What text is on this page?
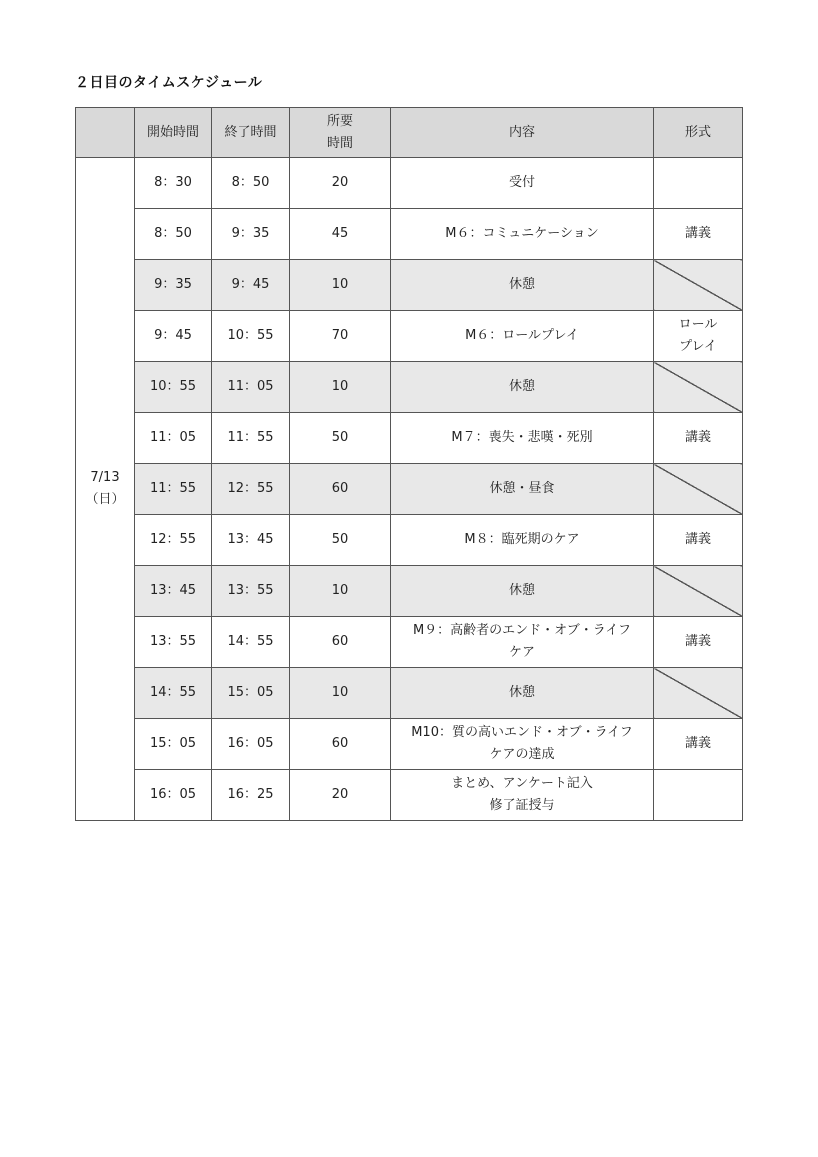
２日目のタイムスケジュール
	開始時間	終了時間	所要
時間	内容	形式

7/13
（日）	8：30	8：50	20	受付	

	8：50	9：35	45	M６：コミュニケーション	講義

	9：35	9：45	10	休憩	

	9：45	10：55	70	M６：ロールプレイ	ロール
プレイ

	10：55	11：05	10	休憩	

	11：05	11：55	50	M７：喪失・悲嘆・死別	講義

	11：55	12：55	60	休憩・昼食	

	12：55	13：45	50	M８：臨死期のケア	講義

	13：45	13：55	10	休憩	

	13：55	14：55	60	M９：高齢者のエンド・オブ・ライフ
ケア	講義

	14：55	15：05	10	休憩	

	15：05	16：05	60	M10：質の高いエンド・オブ・ライフ
ケアの達成	講義

	16：05	16：25	20	まとめ、アンケート記入
修了証授与	
